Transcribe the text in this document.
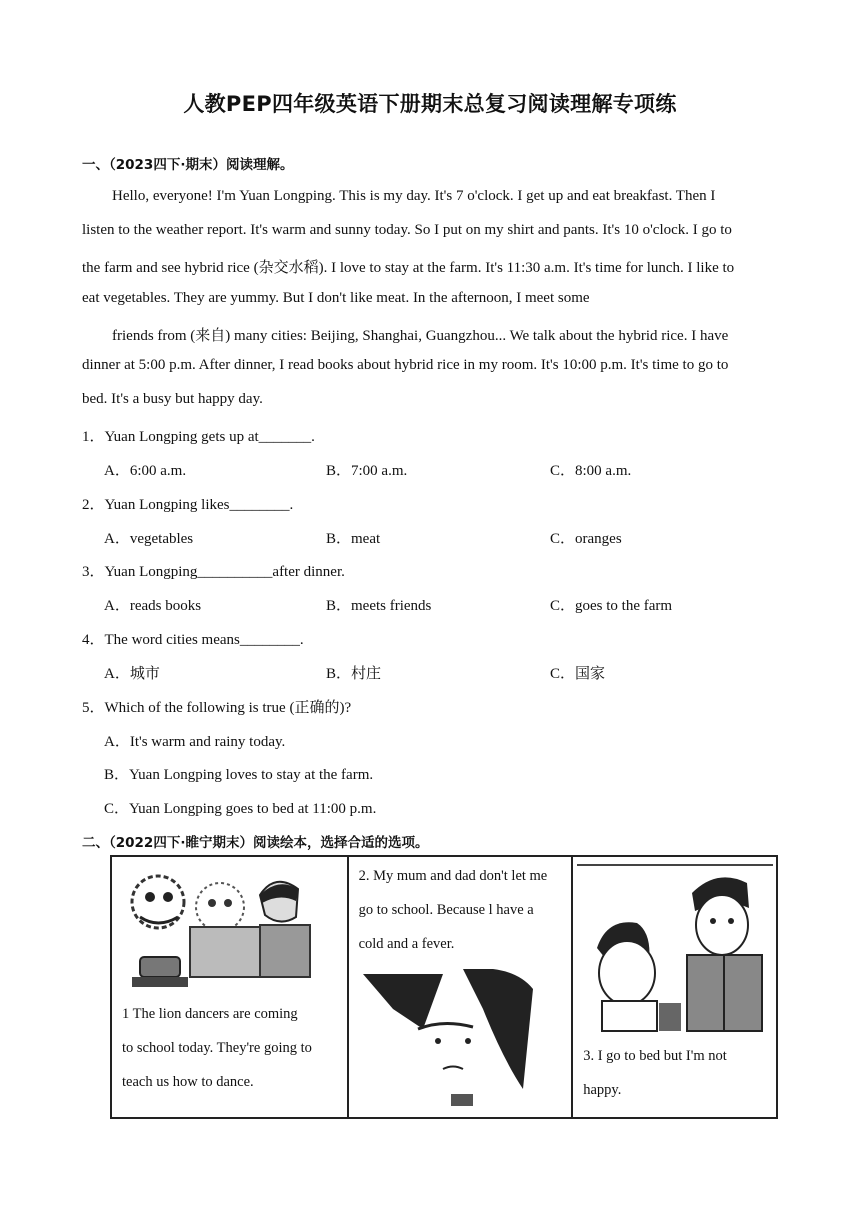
人教PEP四年级英语下册期末总复习阅读理解专项练
一、（2023四下·期末）阅读理解。
Hello, everyone! I'm Yuan Longping. This is my day. It's 7 o'clock. I get up and eat breakfast. Then I
listen to the weather report. It's warm and sunny today. So I put on my shirt and pants. It's 10 o'clock. I go to
the farm and see hybrid rice (杂交水稻). I love to stay at the farm. It's 11:30 a.m. It's time for lunch. I like to
eat vegetables. They are yummy. But I don't like meat. In the afternoon, I meet some
friends from (来自) many cities: Beijing, Shanghai, Guangzhou... We talk about the hybrid rice. I have
dinner at 5:00 p.m. After dinner, I read books about hybrid rice in my room. It's 10:00 p.m. It's time to go to
bed. It's a busy but happy day.
1．Yuan Longping gets up at_______.
A．6:00 a.m.	B．7:00 a.m.	C．8:00 a.m.
2．Yuan Longping likes________.
A．vegetables	B．meat	C．oranges
3．Yuan Longping__________after dinner.
A．reads books	B．meets friends	C．goes to the farm
4．The word cities means________.
A．城市	B．村庄	C．国家
5．Which of the following is true (正确的)?
A．It's warm and rainy today.
B．Yuan Longping loves to stay at the farm.
C．Yuan Longping goes to bed at 11:00 p.m.
二、（2022四下·睢宁期末）阅读绘本，选择合适的选项。
1 The lion dancers are coming
to school today. They're going to
teach us how to dance.

2. My mum and dad don't let me
go to school. Because l have a
cold and a fever.

3. I go to bed but I'm not
happy.
